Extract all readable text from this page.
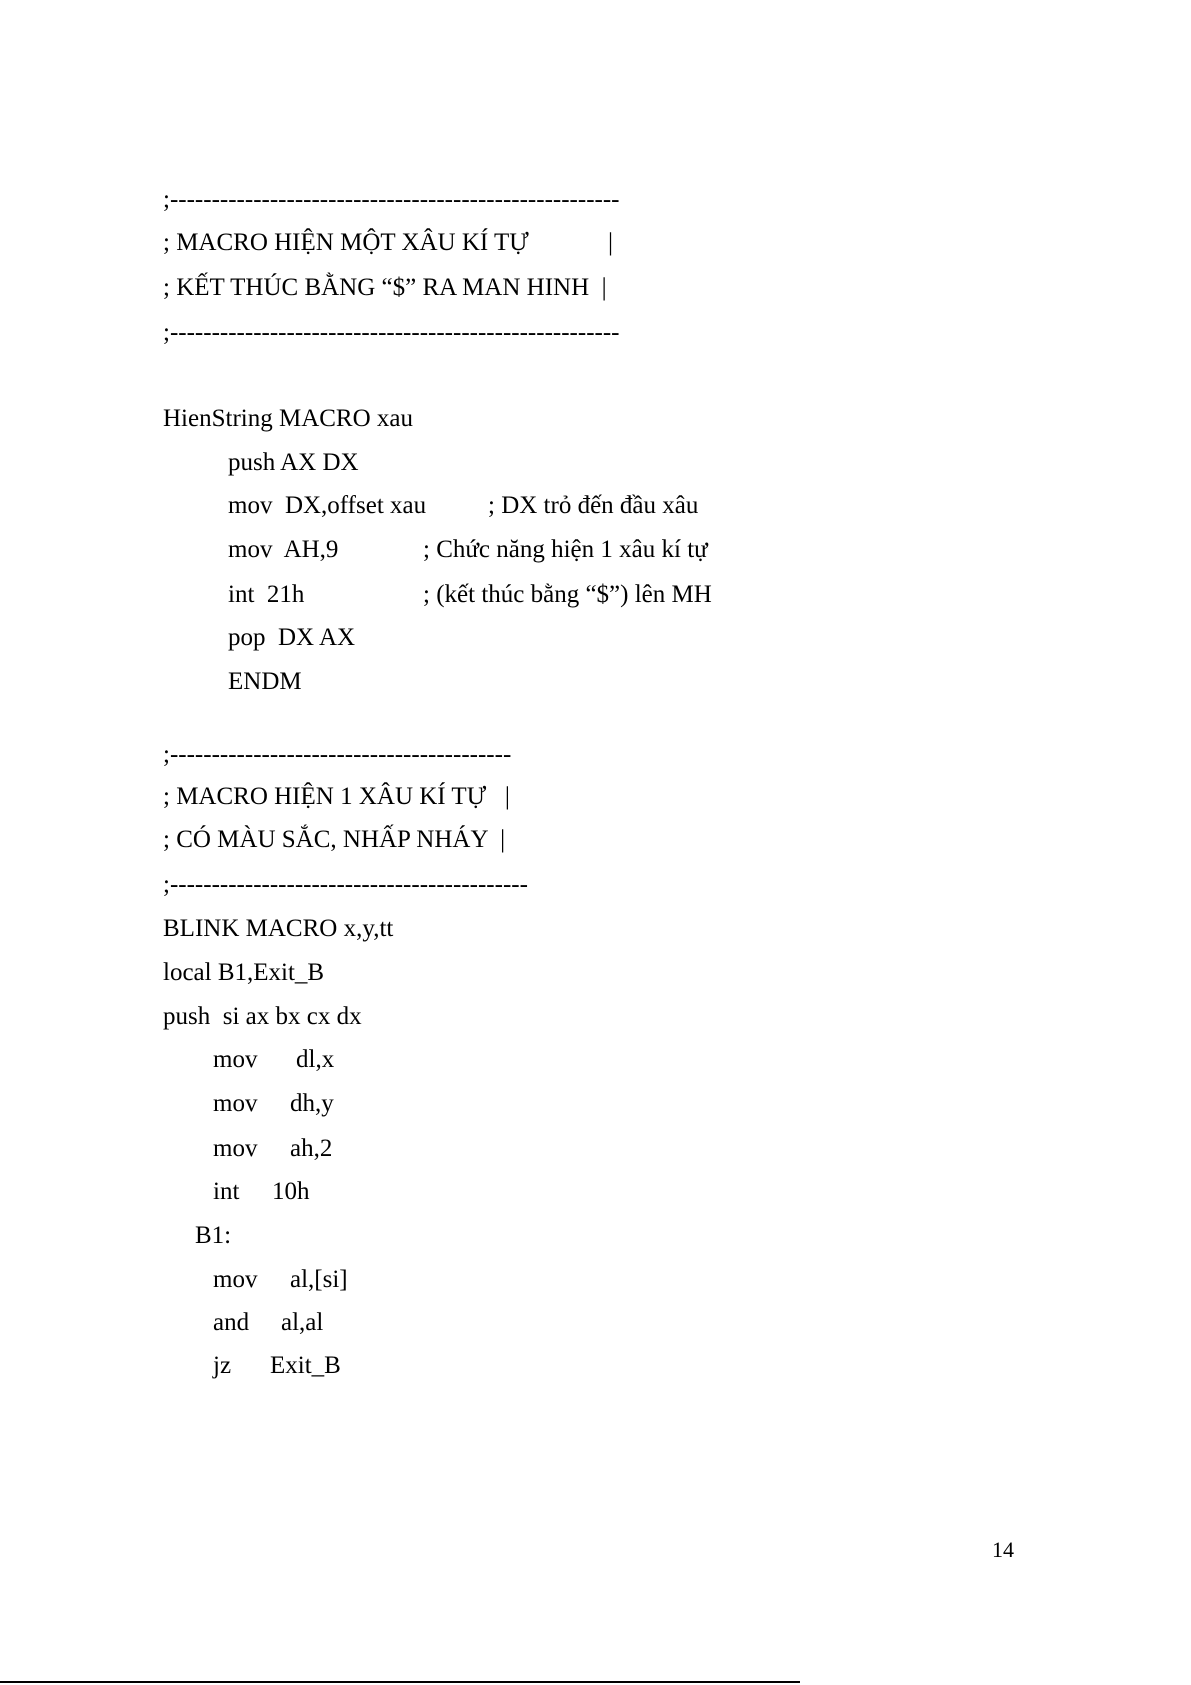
;------------------------------------------------------
; MACRO HIỆN MỘT XÂU KÍ TỰ	|
; KẾT THÚC BẰNG “$” RA MAN HINH  |
;------------------------------------------------------
HienString MACRO xau
push AX DX
mov  DX,offset xau ; DX trỏ đến đầu xâu
mov  AH,9	; Chức năng hiện 1 xâu kí tự
int  21h	; (kết thúc bằng “$”) lên MH
pop  DX AX
ENDM
;-----------------------------------------
; MACRO HIỆN 1 XÂU KÍ TỰ   |
; CÓ MÀU SẮC, NHẤP NHÁY  |
;-------------------------------------------
BLINK MACRO x,y,tt
local B1,Exit_B
push  si ax bx cx dx
mov dl,x
mov dh,y
mov ah,2
int 10h
B1:
mov al,[si]
and al,al
jz Exit_B
14
